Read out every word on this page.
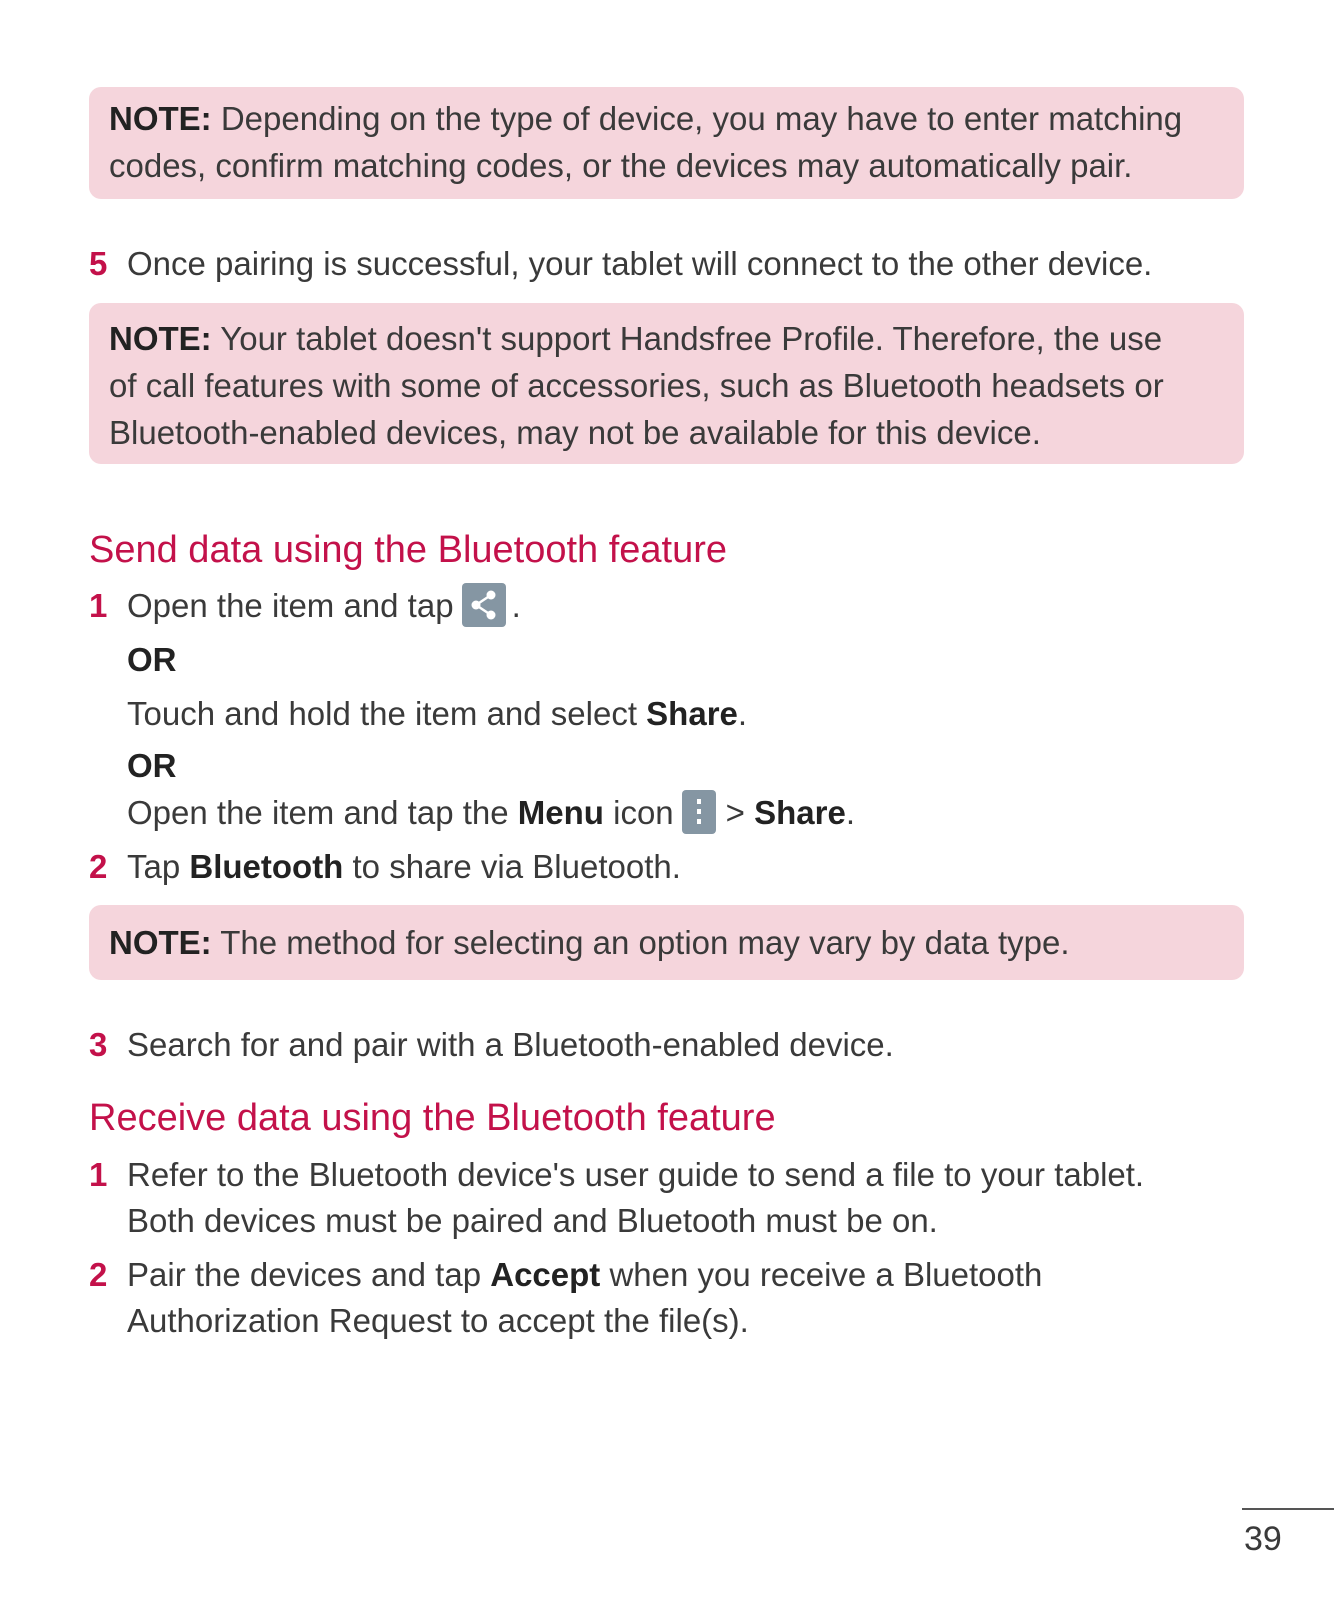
NOTE: Depending on the type of device, you may have to enter matching
codes, confirm matching codes, or the devices may automatically pair.
5 Once pairing is successful, your tablet will connect to the other device.
NOTE: Your tablet doesn't support Handsfree Profile. Therefore, the use
of call features with some of accessories, such as Bluetooth headsets or
Bluetooth-enabled devices, may not be available for this device.
Send data using the Bluetooth feature
1 Open the item and tap .
OR
Touch and hold the item and select Share.
OR
Open the item and tap the Menu icon > Share.
2 Tap Bluetooth to share via Bluetooth.
NOTE: The method for selecting an option may vary by data type.
3 Search for and pair with a Bluetooth-enabled device.
Receive data using the Bluetooth feature
1 Refer to the Bluetooth device's user guide to send a file to your tablet.
Both devices must be paired and Bluetooth must be on.
2 Pair the devices and tap Accept when you receive a Bluetooth
Authorization Request to accept the file(s).
39
